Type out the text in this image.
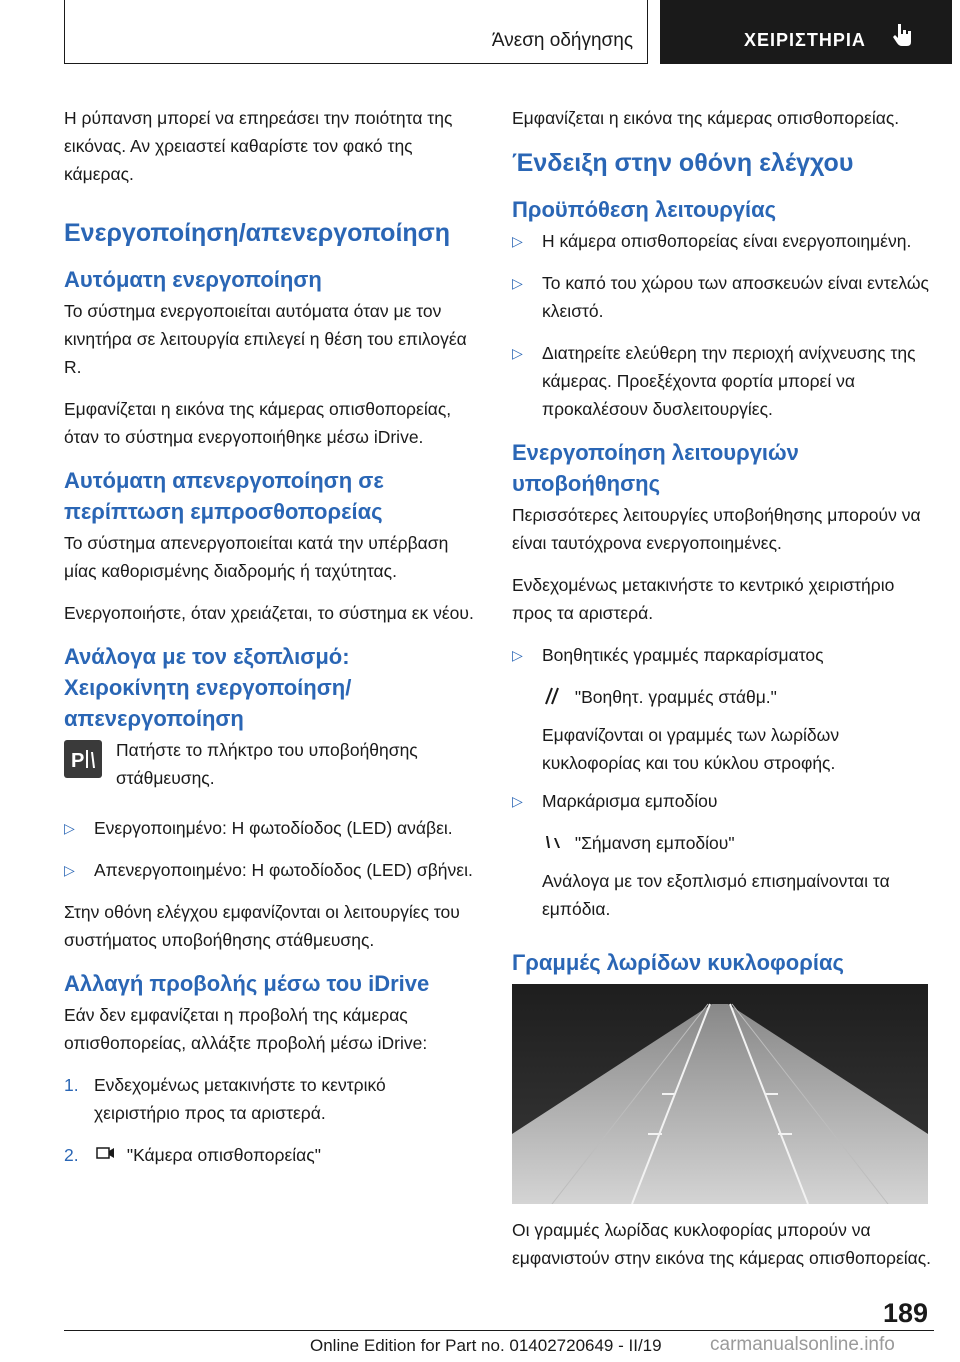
Άνεση οδήγησης	ΧΕΙΡΙΣΤΗΡΙΑ

Η ρύπανση μπορεί να επηρεάσει την ποιότητα της εικόνας. Αν χρειαστεί καθαρίστε τον φακό της κάμερας.

Ενεργοποίηση/απενεργοποίηση
Αυτόματη ενεργοποίηση

Το σύστημα ενεργοποιείται αυτόματα όταν με τον κινητήρα σε λειτουργία επιλεγεί η θέση του επιλογέα R.

Εμφανίζεται η εικόνα της κάμερας οπισθοπορείας, όταν το σύστημα ενεργοποιήθηκε μέσω iDrive.

Αυτόματη απενεργοποίηση σε περίπτωση εμπροσθοπορείας

Το σύστημα απενεργοποιείται κατά την υπέρβαση μίας καθορισμένης διαδρομής ή ταχύτητας.

Ενεργοποιήστε, όταν χρειάζεται, το σύστημα εκ νέου.

Ανάλογα με τον εξοπλισμό: Χειροκίνητη ενεργοποίηση/απενεργοποίηση
P Πατήστε το πλήκτρο του υποβοήθησης στάθμευσης.
▷ Ενεργοποιημένο: Η φωτοδίοδος (LED) ανάβει.
▷ Απενεργοποιημένο: Η φωτοδίοδος (LED) σβήνει.

Στην οθόνη ελέγχου εμφανίζονται οι λειτουργίες του συστήματος υποβοήθησης στάθμευσης.

Αλλαγή προβολής μέσω του iDrive

Εάν δεν εμφανίζεται η προβολή της κάμερας οπισθοπορείας, αλλάξτε προβολή μέσω iDrive:

1. Ενδεχομένως μετακινήστε το κεντρικό χειριστήριο προς τα αριστερά.
2.	"Κάμερα οπισθοπορείας"

Εμφανίζεται η εικόνα της κάμερας οπισθοπορείας.

Ένδειξη στην οθόνη ελέγχου
Προϋπόθεση λειτουργίας
▷ Η κάμερα οπισθοπορείας είναι ενεργοποιημένη.
▷ Το καπό του χώρου των αποσκευών είναι εντελώς κλειστό.
▷ Διατηρείτε ελεύθερη την περιοχή ανίχνευσης της κάμερας. Προεξέχοντα φορτία μπορεί να προκαλέσουν δυσλειτουργίες.
Ενεργοποίηση λειτουργιών υποβοήθησης

Περισσότερες λειτουργίες υποβοήθησης μπορούν να είναι ταυτόχρονα ενεργοποιημένες.

Ενδεχομένως μετακινήστε το κεντρικό χειριστήριο προς τα αριστερά.

▷ Βοηθητικές γραμμές παρκαρίσματος
"Βοηθητ. γραμμές στάθμ."
Εμφανίζονται οι γραμμές των λωρίδων κυκλοφορίας και του κύκλου στροφής.
▷ Μαρκάρισμα εμποδίου
"Σήμανση εμποδίου"
Ανάλογα με τον εξοπλισμό επισημαίνονται τα εμπόδια.
Γραμμές λωρίδων κυκλοφορίας

Οι γραμμές λωρίδας κυκλοφορίας μπορούν να εμφανιστούν στην εικόνα της κάμερας οπισθοπορείας.

189
Online Edition for Part no. 01402720649 - II/19	carmanualsonline.info
